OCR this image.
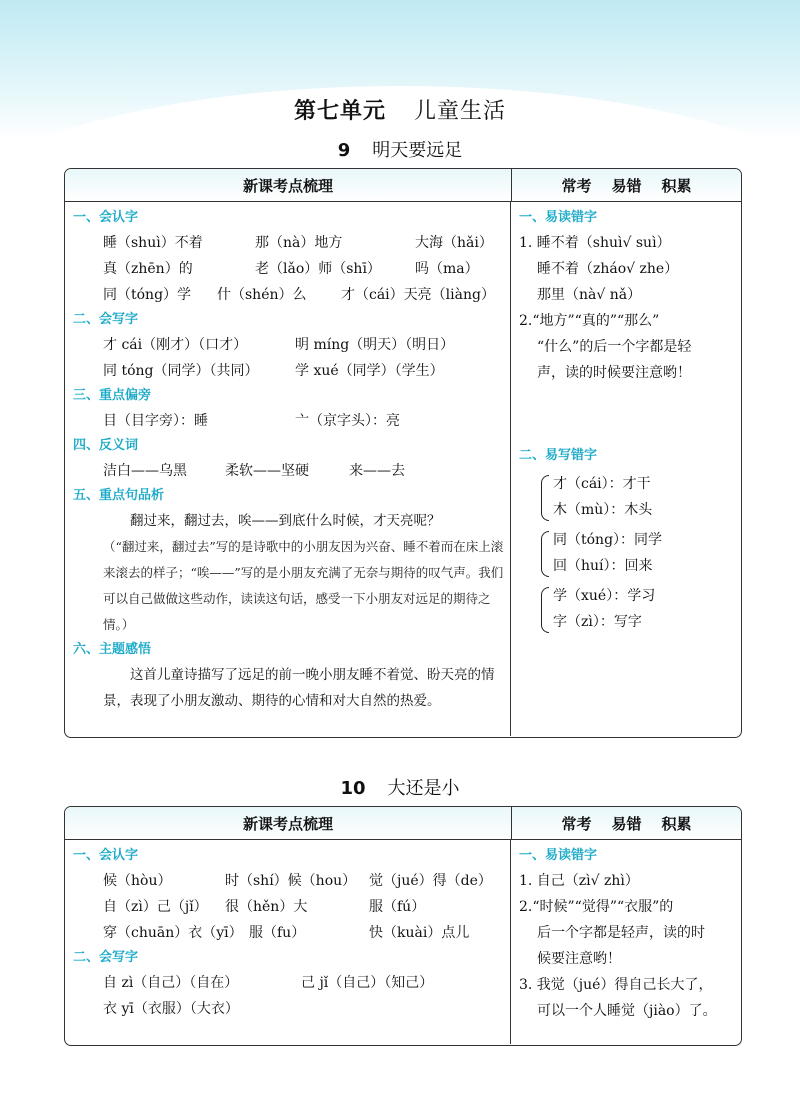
第七单元 儿童生活
9 明天要远足
新课考点梳理	常考 易错 积累
一、会认字
睡（shuì）不着	那（nà）地方	大海（hǎi）
真（zhēn）的	老（lǎo）师（shī） 吗（ma）
同（tóng）学 什（shén）么 才（cái）天亮（liàng）
二、会写字
才 cái（刚才）（口才）	明 míng（明天）（明日）
同 tóng（同学）（共同）	学 xué（同学）（学生）
三、重点偏旁
目（目字旁）：睡	亠（京字头）：亮
四、反义词
洁白——乌黑	柔软——坚硬	来——去
五、重点句品析
翻过来，翻过去，唉——到底什么时候，才天亮呢？
（“翻过来，翻过去”写的是诗歌中的小朋友因为兴奋、睡不着而在床上滚来滚去的样子；“唉——”写的是小朋友充满了无奈与期待的叹气声。我们可以自己做做这些动作，读读这句话，感受一下小朋友对远足的期待之情。）
六、主题感悟
这首儿童诗描写了远足的前一晚小朋友睡不着觉、盼天亮的情景，表现了小朋友激动、期待的心情和对大自然的热爱。
一、易读错字
1. 睡不着（shuì√ suì）
睡不着（zháo√ zhe）
那里（nà√ nǎ）
2.“地方”“真的”“那么”
“什么”的后一个字都是轻
声，读的时候要注意哟！
二、易写错字
才（cái）：才干
木（mù）：木头
同（tóng）：同学
回（huí）：回来
学（xué）：学习
字（zì）：写字
10 大还是小
新课考点梳理	常考 易错 积累
一、会认字
候（hòu）	时（shí）候（hou） 觉（jué）得（de）
自（zì）己（jǐ） 很（hěn）大	服（fú）
穿（chuān）衣（yī） 服（fu）	快（kuài）点儿
二、会写字
自 zì（自己）（自在）	己 jǐ（自己）（知己）
衣 yī（衣服）（大衣）
一、易读错字
1. 自己（zì√ zhì）
2.“时候”“觉得”“衣服”的
后一个字都是轻声，读的时
候要注意哟！
3. 我觉（jué）得自己长大了，
可以一个人睡觉（jiào）了。
